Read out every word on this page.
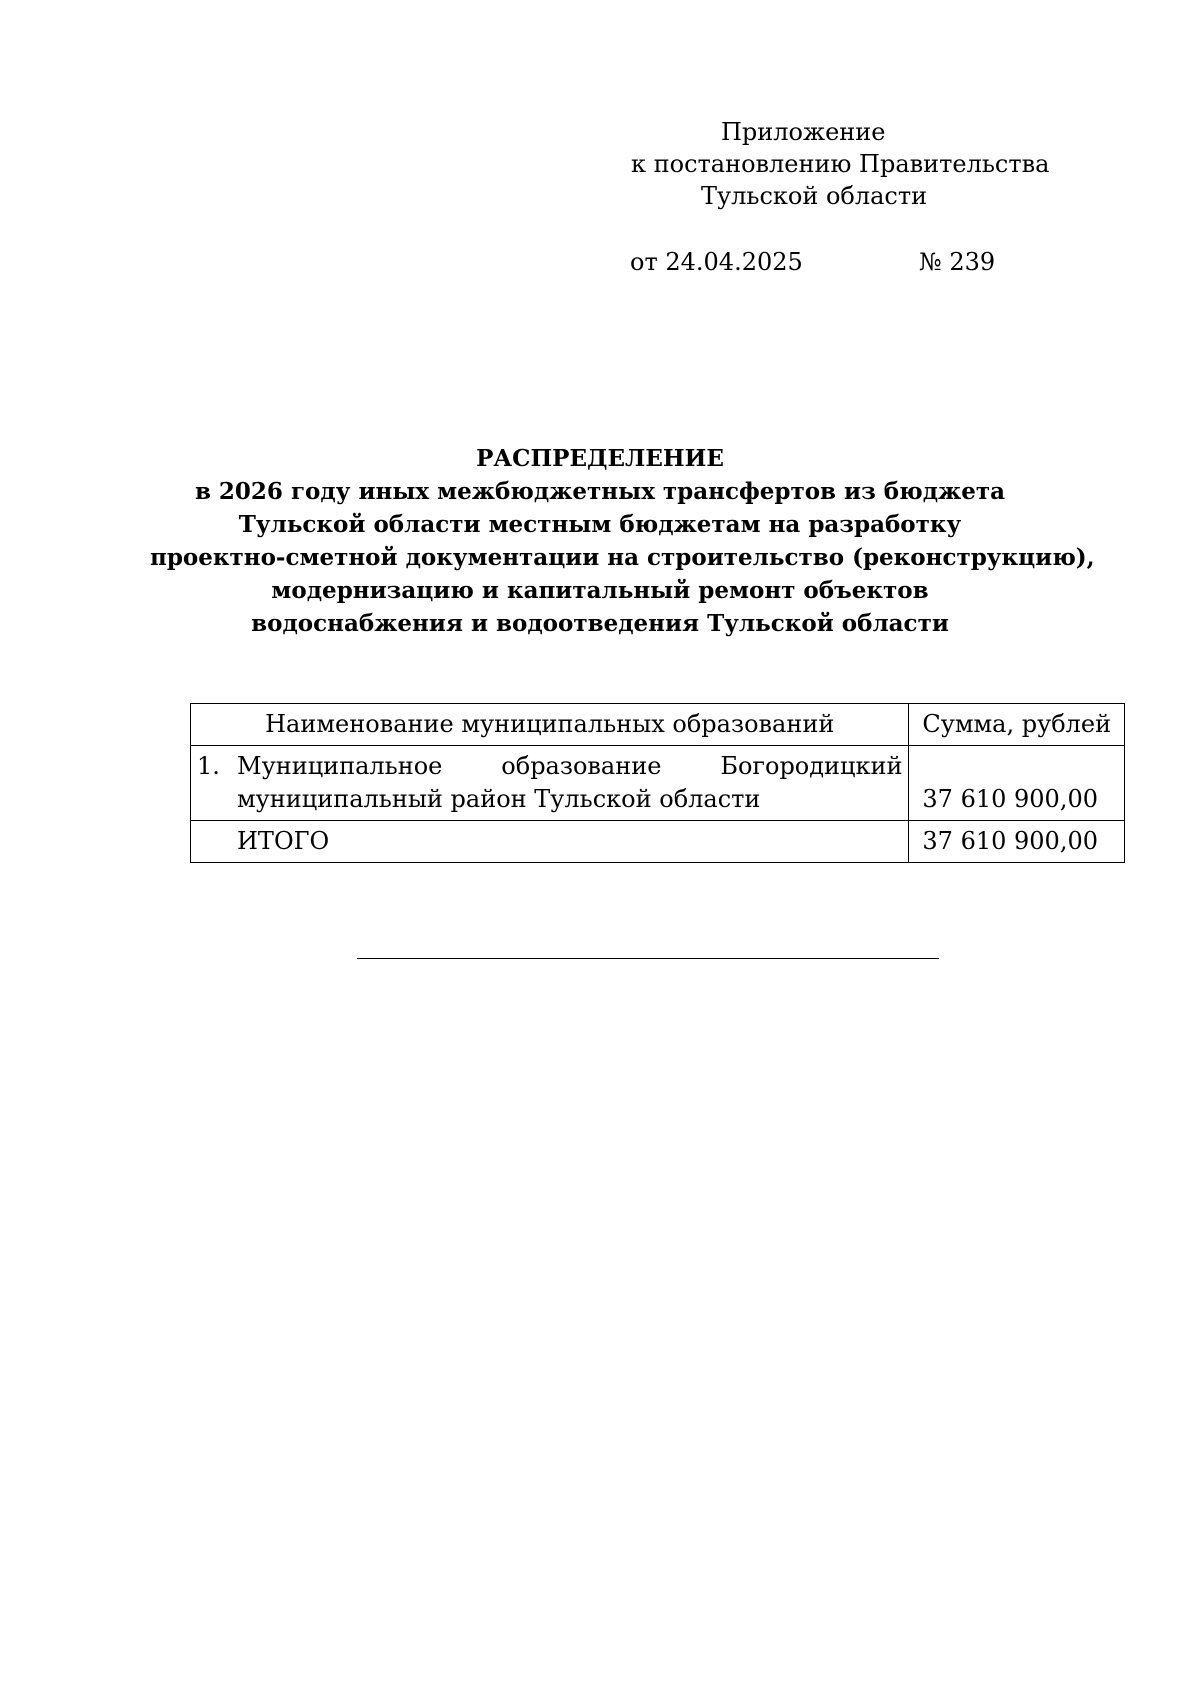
Приложение
к постановлению Правительства
Тульской области
от 24.04.2025	№ 239
РАСПРЕДЕЛЕНИЕ
в 2026 году иных межбюджетных трансфертов из бюджета
Тульской области местным бюджетам на разработку
проектно-сметной документации на строительство (реконструкцию),
модернизацию и капитальный ремонт объектов
водоснабжения и водоотведения Тульской области
Наименование муниципальных образований	Сумма, рублей

1. Муниципальное образование Богородицкий
муниципальный район Тульской области	37 610 900,00
ИТОГО	37 610 900,00
